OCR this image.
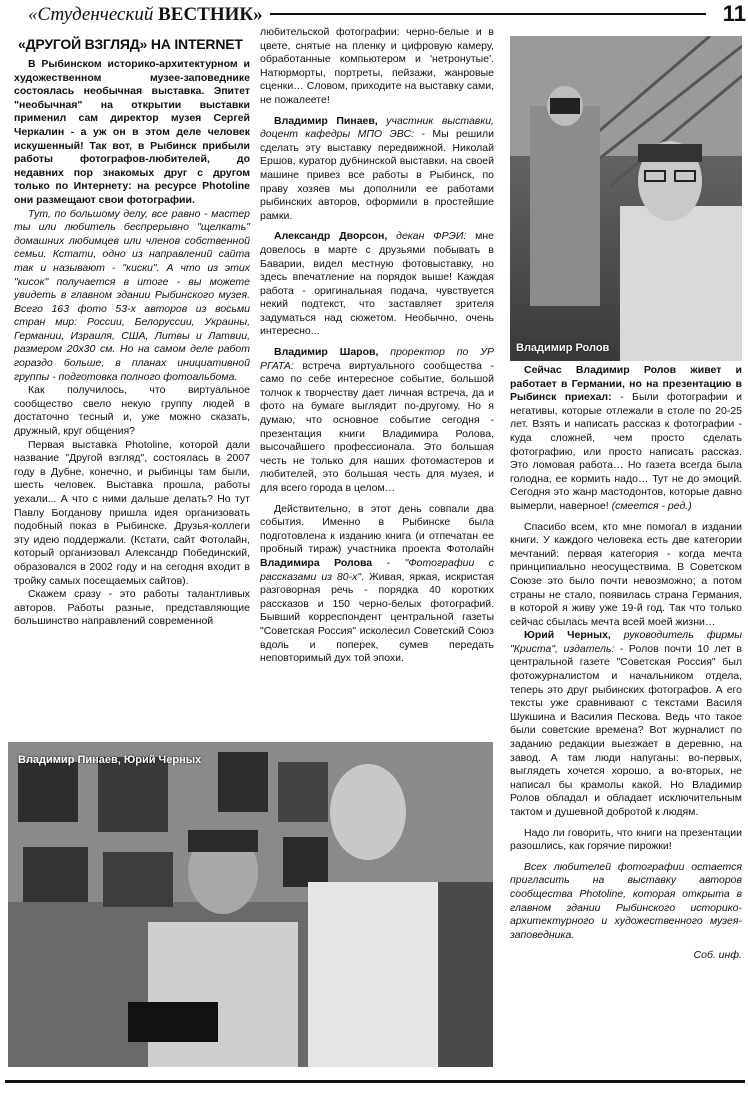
«Студенческий ВЕСТНИК»	11
«ДРУГОЙ ВЗГЛЯД» НА INTERNET

В Рыбинском историко-архитектурном и художественном музее-заповеднике состоялась необычная выставка. Эпитет "необычная" на открытии выставки применил сам директор музея Сергей Черкалин - а уж он в этом деле человек искушенный! Так вот, в Рыбинск прибыли работы фотографов-любителей, до недавних пор знакомых друг с другом только по Интернету: на ресурсе Photoline они размещают свои фотографии.

Тут, по большому делу, все равно - мастер ты или любитель беспрерывно "щелкать" домашних любимцев или членов собственной семьи. Кстати, одно из направлений сайта так и называют - "киски". А что из этих "кисок" получается в итоге - вы можете увидеть в главном здании Рыбинского музея. Всего 163 фото 53-х авторов из восьми стран мир: России, Белоруссии, Украины, Германии, Израиля, США, Литвы и Латвии, размером 20х30 см. Но на самом деле работ гораздо больше, в планах инициативной группы - подготовка полного фотоальбома.

Как получилось, что виртуальное сообщество свело некую группу людей в достаточно тесный и, уже можно сказать, дружный, круг общения?

Первая выставка Photoline, которой дали название "Другой взгляд", состоялась в 2007 году в Дубне, конечно, и рыбинцы там были, шесть человек. Выставка прошла, работы уехали... А что с ними дальше делать? Но тут Павлу Богданову пришла идея организовать подобный показ в Рыбинске. Друзья-коллеги эту идею поддержали. (Кстати, сайт Фотолайн, который организовал Александр Побединский, образовался в 2002 году и на сегодня входит в тройку самых посещаемых сайтов).

Скажем сразу - это работы талантливых авторов. Работы разные, представляющие большинство направлений современной

любительской фотографии: черно-белые и в цвете, снятые на пленку и цифровую камеру, обработанные компьютером и 'нетронутые'. Натюрморты, портреты, пейзажи, жанровые сценки… Словом, приходите на выставку сами, не пожалеете!

Владимир Пинаев, участник выставки, доцент кафедры МПО ЭВС: - Мы решили сделать эту выставку передвижной. Николай Ершов, куратор дубнинской выставки, на своей машине привез все работы в Рыбинск, по праву хозяев мы дополнили ее работами рыбинских авторов, оформили в простейшие рамки.

Александр Дворсон, декан ФРЭИ: мне довелось в марте с друзьями побывать в Баварии, видел местную фотовыставку, но здесь впечатление на порядок выше! Каждая работа - оригинальная подача, чувствуется некий подтекст, что заставляет зрителя задуматься над сюжетом. Необычно, очень интересно...

Владимир Шаров, проректор по УР РГАТА: встреча виртуального сообщества - само по себе интересное событие, большой толчок к творчеству дает личная встреча, да и фото на бумаге выглядит по-другому. Но я думаю, что основное событие сегодня - презентация книги Владимира Ролова, высочайшего профессионала. Это большая честь не только для наших фотомастеров и любителей, это большая честь для музея, и для всего города в целом…

Действительно, в этот день совпали два события. Именно в Рыбинске была подготовлена к изданию книга (и отпечатан ее пробный тираж) участника проекта Фотолайн Владимира Ролова - "Фотографии с рассказами из 80-х". Живая, яркая, искристая разговорная речь - порядка 40 коротких рассказов и 150 черно-белых фотографий. Бывший корреспондент центральной газеты "Советская Россия" исколесил Советский Союз вдоль и поперек, сумев передать неповторимый дух той эпохи.

Владимир Ролов

Сейчас Владимир Ролов живет и работает в Германии, но на презентацию в Рыбинск приехал: - Были фотографии и негативы, которые отлежали в столе по 20-25 лет. Взять и написать рассказ к фотографии - куда сложней, чем просто сделать фотографию, или просто написать рассказ. Это ломовая работа… Но газета всегда была голодна, ее кормить надо… Тут не до эмоций. Сегодня это жанр мастодонтов, которые давно вымерли, наверное! (смеется - ред.)

Спасибо всем, кто мне помогал в издании книги. У каждого человека есть две категории мечтаний: первая категория - когда мечта принципиально неосуществима. В Советском Союзе это было почти невозможно; а потом страны не стало, появилась страна Германия, в которой я живу уже 19-й год. Так что только сейчас сбылась мечта всей моей жизни…

Юрий Черных, руководитель фирмы "Криста", издатель: - Ролов почти 10 лет в центральной газете "Советская Россия" был фотожурналистом и начальником отдела, теперь это друг рыбинских фотографов. А его тексты уже сравнивают с текстами Василя Шукшина и Василия Пескова. Ведь что такое были советские времена? Вот журналист по заданию редакции выезжает в деревню, на завод. А там люди напуганы: во-первых, выглядеть хочется хорошо, а во-вторых, не написал бы крамолы какой. Но Владимир Ролов обладал и обладает исключительным тактом и душевной добротой к людям.

Надо ли говорить, что книги на презентации разошлись, как горячие пирожки!

Всех любителей фотографии остается пригласить на выставку авторов сообщества Photoline, которая открыта в главном здании Рыбинского историко-архитектурного и художественного музея-заповедника.

Соб. инф.

Владимир Пинаев, Юрий Черных
